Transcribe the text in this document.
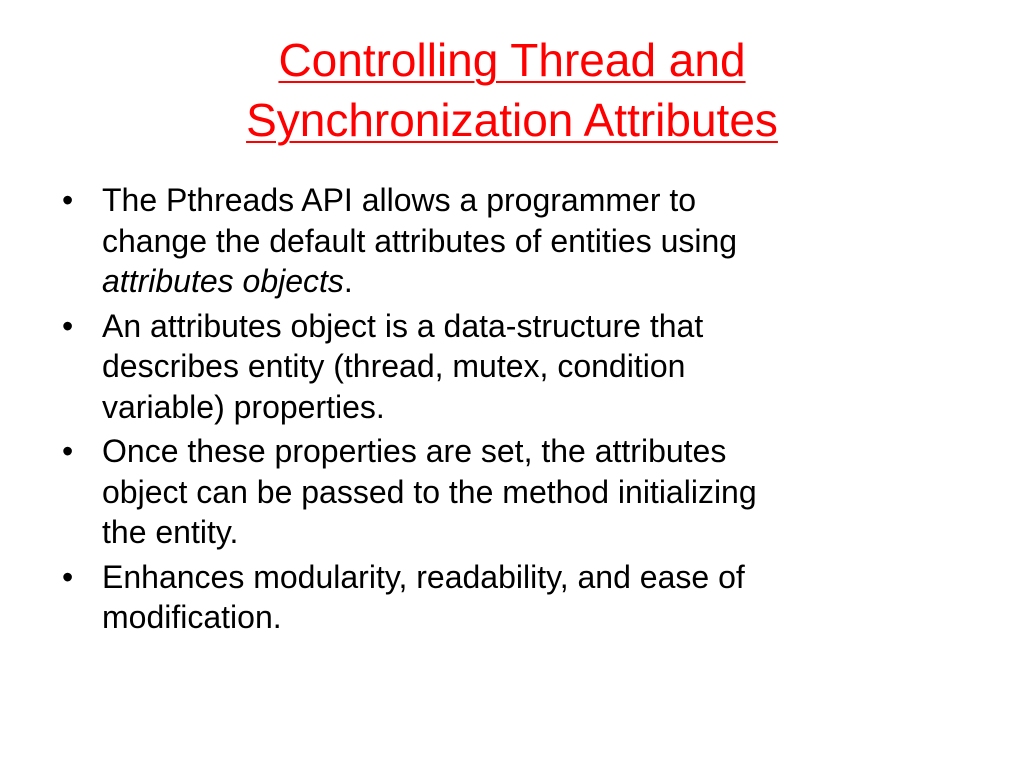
Controlling Thread and
Synchronization Attributes
• The Pthreads API allows a programmer to
change the default attributes of entities using
attributes objects.
• An attributes object is a data-structure that
describes entity (thread, mutex, condition
variable) properties.
• Once these properties are set, the attributes
object can be passed to the method initializing
the entity.
• Enhances modularity, readability, and ease of
modification.
